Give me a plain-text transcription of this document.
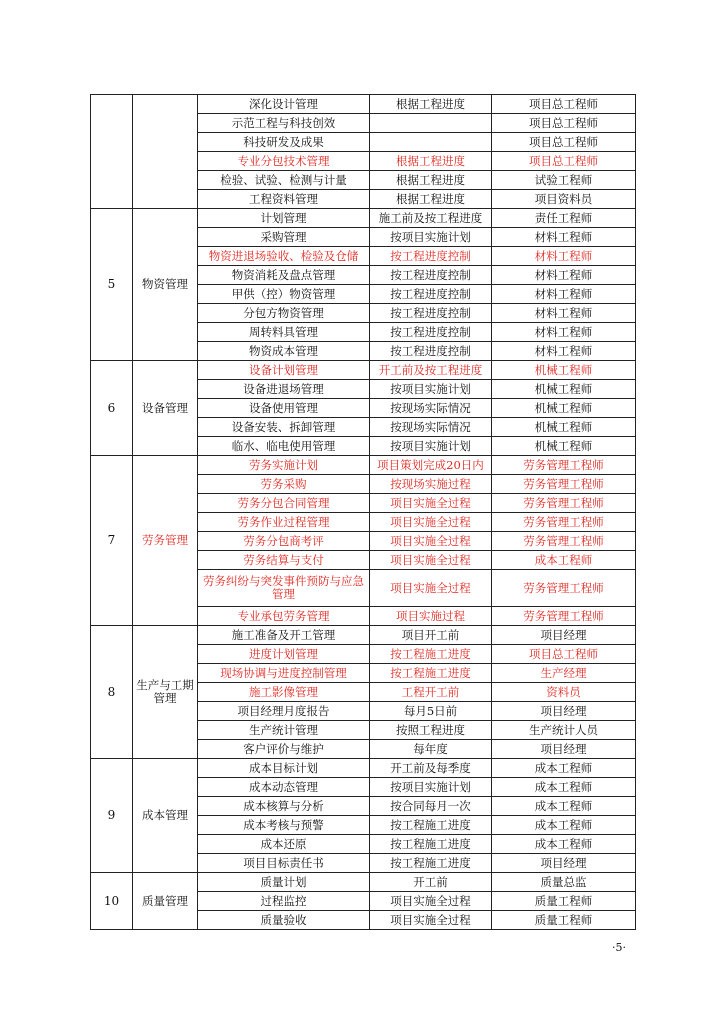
		深化设计管理	根据工程进度	项目总工程师
		示范工程与科技创效		项目总工程师
		科技研发及成果		项目总工程师
		专业分包技术管理	根据工程进度	项目总工程师
		检验、试验、检测与计量	根据工程进度	试验工程师
		工程资料管理	根据工程进度	项目资料员
5	物资管理	计划管理	施工前及按工程进度	责任工程师
		采购管理	按项目实施计划	材料工程师
		物资进退场验收、检验及仓储	按工程进度控制	材料工程师
		物资消耗及盘点管理	按工程进度控制	材料工程师
		甲供（控）物资管理	按工程进度控制	材料工程师
		分包方物资管理	按工程进度控制	材料工程师
		周转料具管理	按工程进度控制	材料工程师
		物资成本管理	按工程进度控制	材料工程师
6	设备管理	设备计划管理	开工前及按工程进度	机械工程师
		设备进退场管理	按项目实施计划	机械工程师
		设备使用管理	按现场实际情况	机械工程师
		设备安装、拆卸管理	按现场实际情况	机械工程师
		临水、临电使用管理	按项目实施计划	机械工程师
7	劳务管理	劳务实施计划	项目策划完成20日内	劳务管理工程师
		劳务采购	按现场实施过程	劳务管理工程师
		劳务分包合同管理	项目实施全过程	劳务管理工程师
		劳务作业过程管理	项目实施全过程	劳务管理工程师
		劳务分包商考评	项目实施全过程	劳务管理工程师
		劳务结算与支付	项目实施全过程	成本工程师
		劳务纠纷与突发事件预防与应急管理	项目实施全过程	劳务管理工程师
		专业承包劳务管理	项目实施过程	劳务管理工程师
8	生产与工期管理	施工准备及开工管理	项目开工前	项目经理
		进度计划管理	按工程施工进度	项目总工程师
		现场协调与进度控制管理	按工程施工进度	生产经理
		施工影像管理	工程开工前	资料员
		项目经理月度报告	每月5日前	项目经理
		生产统计管理	按照工程进度	生产统计人员
		客户评价与维护	每年度	项目经理
9	成本管理	成本目标计划	开工前及每季度	成本工程师
		成本动态管理	按项目实施计划	成本工程师
		成本核算与分析	按合同每月一次	成本工程师
		成本考核与预警	按工程施工进度	成本工程师
		成本还原	按工程施工进度	成本工程师
		项目目标责任书	按工程施工进度	项目经理
10	质量管理	质量计划	开工前	质量总监
		过程监控	项目实施全过程	质量工程师
		质量验收	项目实施全过程	质量工程师
·5·
